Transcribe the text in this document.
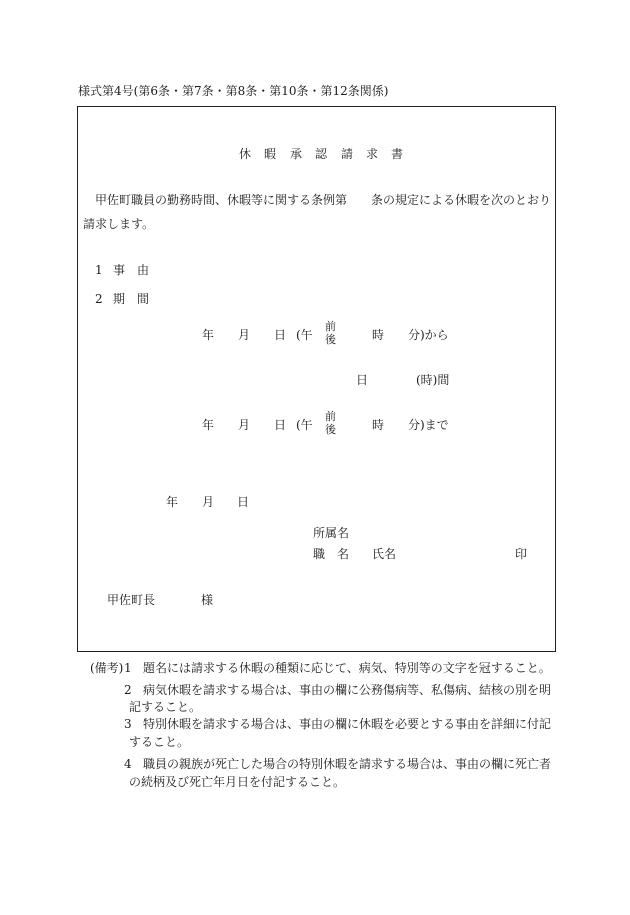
様式第4号(第6条・第7条・第8条・第10条・第12条関係)
休 暇 承 認 請 求 書
甲佐町職員の勤務時間、休暇等に関する条例第 条の規定による休暇を次のとおり
請求します。
1 事 由
2 期 間
年 月 日 (午
前
後	時 分)から
日	(時)間
年 月 日 (午
前
後	時 分)まで
年 月 日
所属名
職　名 氏名	印
甲佐町長	様
(備考) 1 題名には請求する休暇の種類に応じて、病気、特別等の文字を冠すること。
2 病気休暇を請求する場合は、事由の欄に公務傷病等、私傷病、結核の別を明
記すること。
3 特別休暇を請求する場合は、事由の欄に休暇を必要とする事由を詳細に付記
すること。
4 職員の親族が死亡した場合の特別休暇を請求する場合は、事由の欄に死亡者
の続柄及び死亡年月日を付記すること。
